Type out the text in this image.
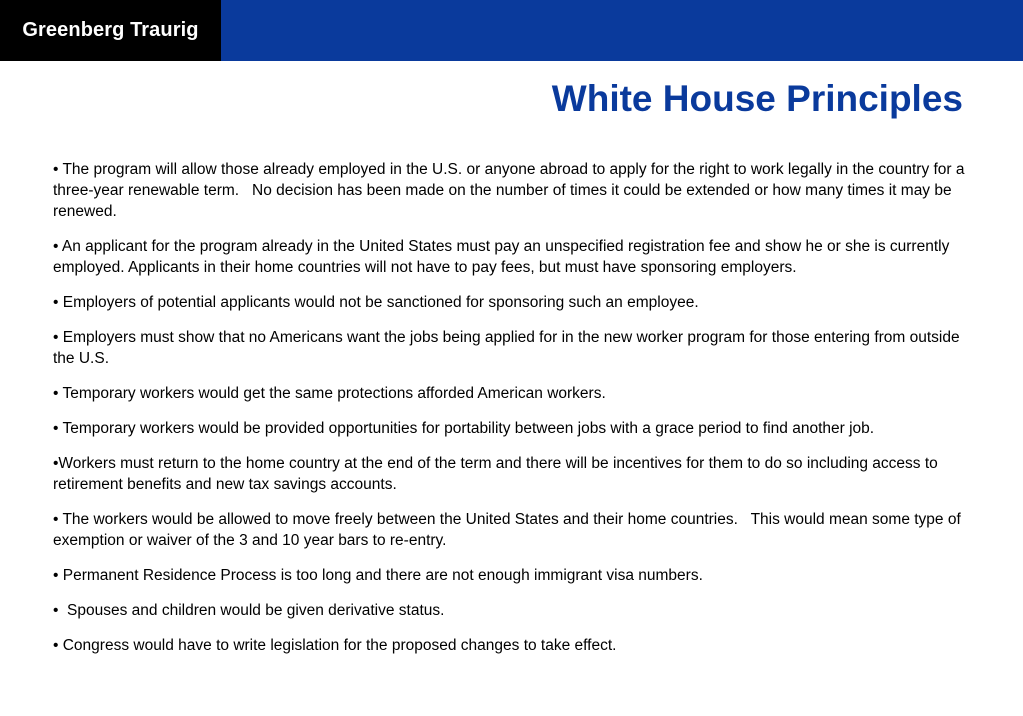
Greenberg Traurig
White House Principles
• The program will allow those already employed in the U.S. or anyone abroad to apply for the right to work legally in the country for a three-year renewable term.   No decision has been made on the number of times it could be extended or how many times it may be renewed.
• An applicant for the program already in the United States must pay an unspecified registration fee and show he or she is currently employed. Applicants in their home countries will not have to pay fees, but must have sponsoring employers.
• Employers of potential applicants would not be sanctioned for sponsoring such an employee.
• Employers must show that no Americans want the jobs being applied for in the new worker program for those entering from outside the U.S.
• Temporary workers would get the same protections afforded American workers.
• Temporary workers would be provided opportunities for portability between jobs with a grace period to find another job.
•Workers must return to the home country at the end of the term and there will be incentives for them to do so including access to retirement benefits and new tax savings accounts.
• The workers would be allowed to move freely between the United States and their home countries.   This would mean some type of exemption or waiver of the 3 and 10 year bars to re-entry.
• Permanent Residence Process is too long and there are not enough immigrant visa numbers.
•  Spouses and children would be given derivative status.
• Congress would have to write legislation for the proposed changes to take effect.
